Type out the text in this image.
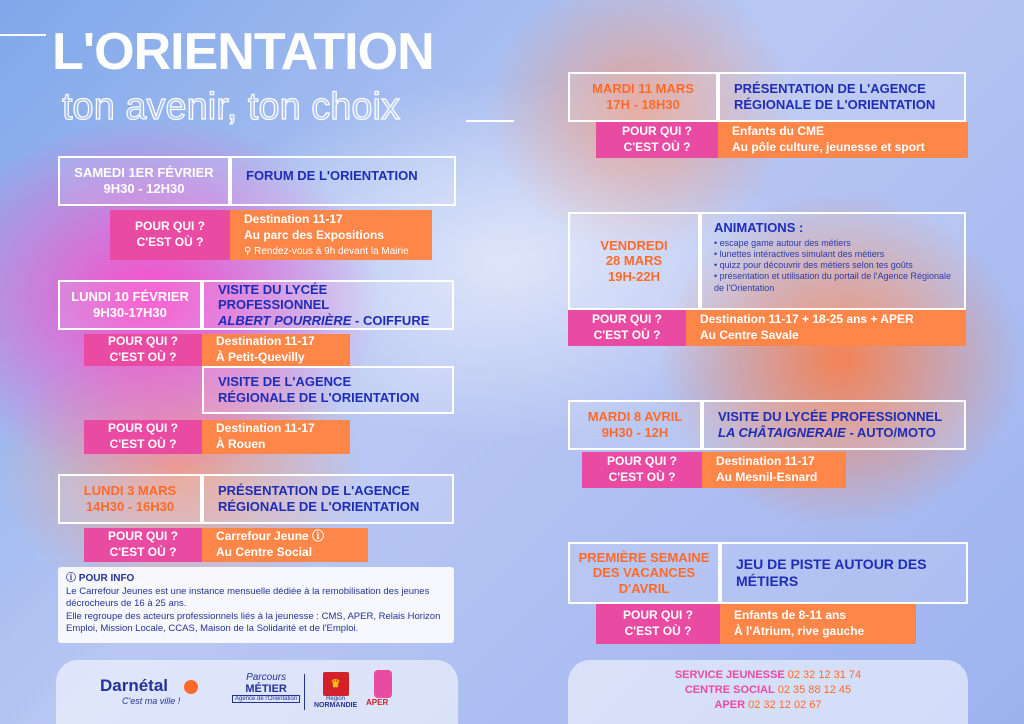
L'ORIENTATION
ton avenir, ton choix
SAMEDI 1ER FÉVRIER
9H30 - 12H30
FORUM DE L'ORIENTATION
POUR QUI ?
C'EST OÙ ?
Destination 11-17
Au parc des Expositions
⚲ Rendez-vous à 9h devant la Mairie
LUNDI 10 FÉVRIER
9H30-17H30
VISITE DU LYCÉE PROFESSIONNEL
ALBERT POURRIÈRE - COIFFURE
POUR QUI ?
C'EST OÙ ?
Destination 11-17
À Petit-Quevilly
VISITE DE L'AGENCE
RÉGIONALE DE L'ORIENTATION
POUR QUI ?
C'EST OÙ ?
Destination 11-17
À Rouen
LUNDI 3 MARS
14H30 - 16H30
PRÉSENTATION DE L'AGENCE
RÉGIONALE DE L'ORIENTATION
POUR QUI ?
C'EST OÙ ?
Carrefour Jeune ⓘ
Au Centre Social
ⓘ POUR INFO
Le Carrefour Jeunes est une instance mensuelle dédiée à la remobilisation des jeunes décrocheurs de 16 à 25 ans.
Elle regroupe des acteurs professionnels liés à la jeunesse : CMS, APER, Relais Horizon Emploi, Mission Locale, CCAS, Maison de la Solidarité et de l'Emploi.
MARDI 11 MARS
17H - 18H30
PRÉSENTATION DE L'AGENCE
RÉGIONALE DE L'ORIENTATION
POUR QUI ?
C'EST OÙ ?
Enfants du CME
Au pôle culture, jeunesse et sport
VENDREDI
28 MARS
19H-22H
ANIMATIONS :
• escape game autour des métiers
• lunettes intéractives simulant des métiers
• quizz pour découvrir des métiers selon tes goûts
• présentation et utilisation du portail de l'Agence Régionale de l'Orientation
POUR QUI ?
C'EST OÙ ?
Destination 11-17 + 18-25 ans + APER
Au Centre Savale
MARDI 8 AVRIL
9H30 - 12H
VISITE DU LYCÉE PROFESSIONNEL
LA CHÂTAIGNERAIE - AUTO/MOTO
POUR QUI ?
C'EST OÙ ?
Destination 11-17
Au Mesnil-Esnard
PREMIÈRE SEMAINE
DES VACANCES
D'AVRIL
JEU DE PISTE AUTOUR DES
MÉTIERS
POUR QUI ?
C'EST OÙ ?
Enfants de 8-11 ans
À l'Atrium, rive gauche
Darnétal
C'est ma ville !
Parcours
MÉTIER
Agence de l'Orientation
♛
Région
NORMANDIE APER
SERVICE JEUNESSE 02 32 12 31 74
CENTRE SOCIAL 02 35 88 12 45
APER 02 32 12 02 67
